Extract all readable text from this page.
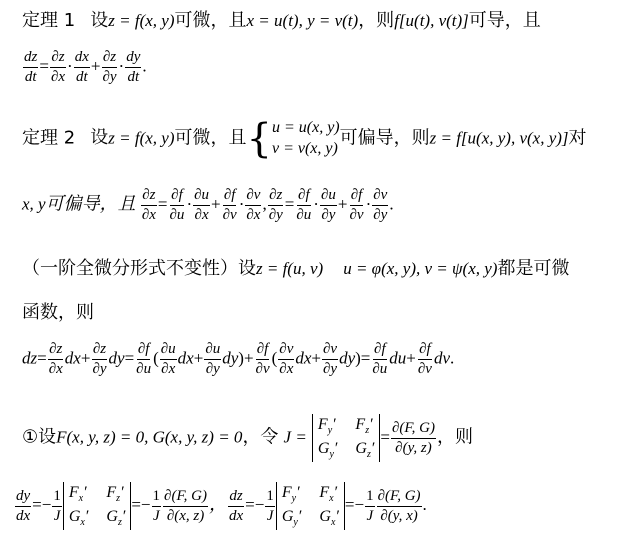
定理 1 设z = f(x, y)可微，且x = u(t), y = v(t)，则f[u(t), v(t)]可导，且
$\frac{dz}{dt} = \frac{\partial z}{\partial x} \cdot \frac{dx}{dt} + \frac{\partial z}{\partial y} \cdot \frac{dy}{dt}$ .
定理 2 设z = f(x, y)可微，且{ u = u(x, y)
v = v(x, y) 可偏导，则z = f[u(x, y), v(x, y)]对
x, y可偏导，且 $\frac{\partial z}{\partial x} = \frac{\partial f}{\partial u} \cdot \frac{\partial u}{\partial x} + \frac{\partial f}{\partial v} \cdot \frac{\partial v}{\partial x}$ , $\frac{\partial z}{\partial y} = \frac{\partial f}{\partial u} \cdot \frac{\partial u}{\partial y} + \frac{\partial f}{\partial v} \cdot \frac{\partial v}{\partial y}$ .
（一阶全微分形式不变性）设z = f(u, v) u = φ(x, y), v = ψ(x, y)都是可微
函数，则
$dz= \frac{\partial z}{\partial x} dx+ \frac{\partial z}{\partial y} dy= \frac{\partial f}{\partial u}$ ( $\frac{\partial u}{\partial x} dx+ \frac{\partial u}{\partial y} dy)+ \frac{\partial f}{\partial v}$ ( $\frac{\partial v}{\partial x} dx+ \frac{\partial v}{\partial y} dy)= \frac{\partial f}{\partial u} du+ \frac{\partial f}{\partial v}$ dv.
①设F(x, y, z) = 0, G(x, y, z) = 0，令 J =
$F_y'$ $F_z'$
$G_y'$ $G_z'$
= $\frac{\partial(F, G)}{\partial(y, z)}$ ，则
$\frac{dy}{dx} =- \frac{1}{J} F_x'$ $F_z'$
$G_x'$ $G_z'$
=− $\frac{1}{J} \frac{\partial(F, G)}{\partial(x, z)}$ ， $\frac{dz}{dx} =- \frac{1}{J} F_y'$ $F_x'$
$G_y'$ $G_x'$
=− $\frac{1}{J} \frac{\partial(F, G)}{\partial(y, x)}$ .
